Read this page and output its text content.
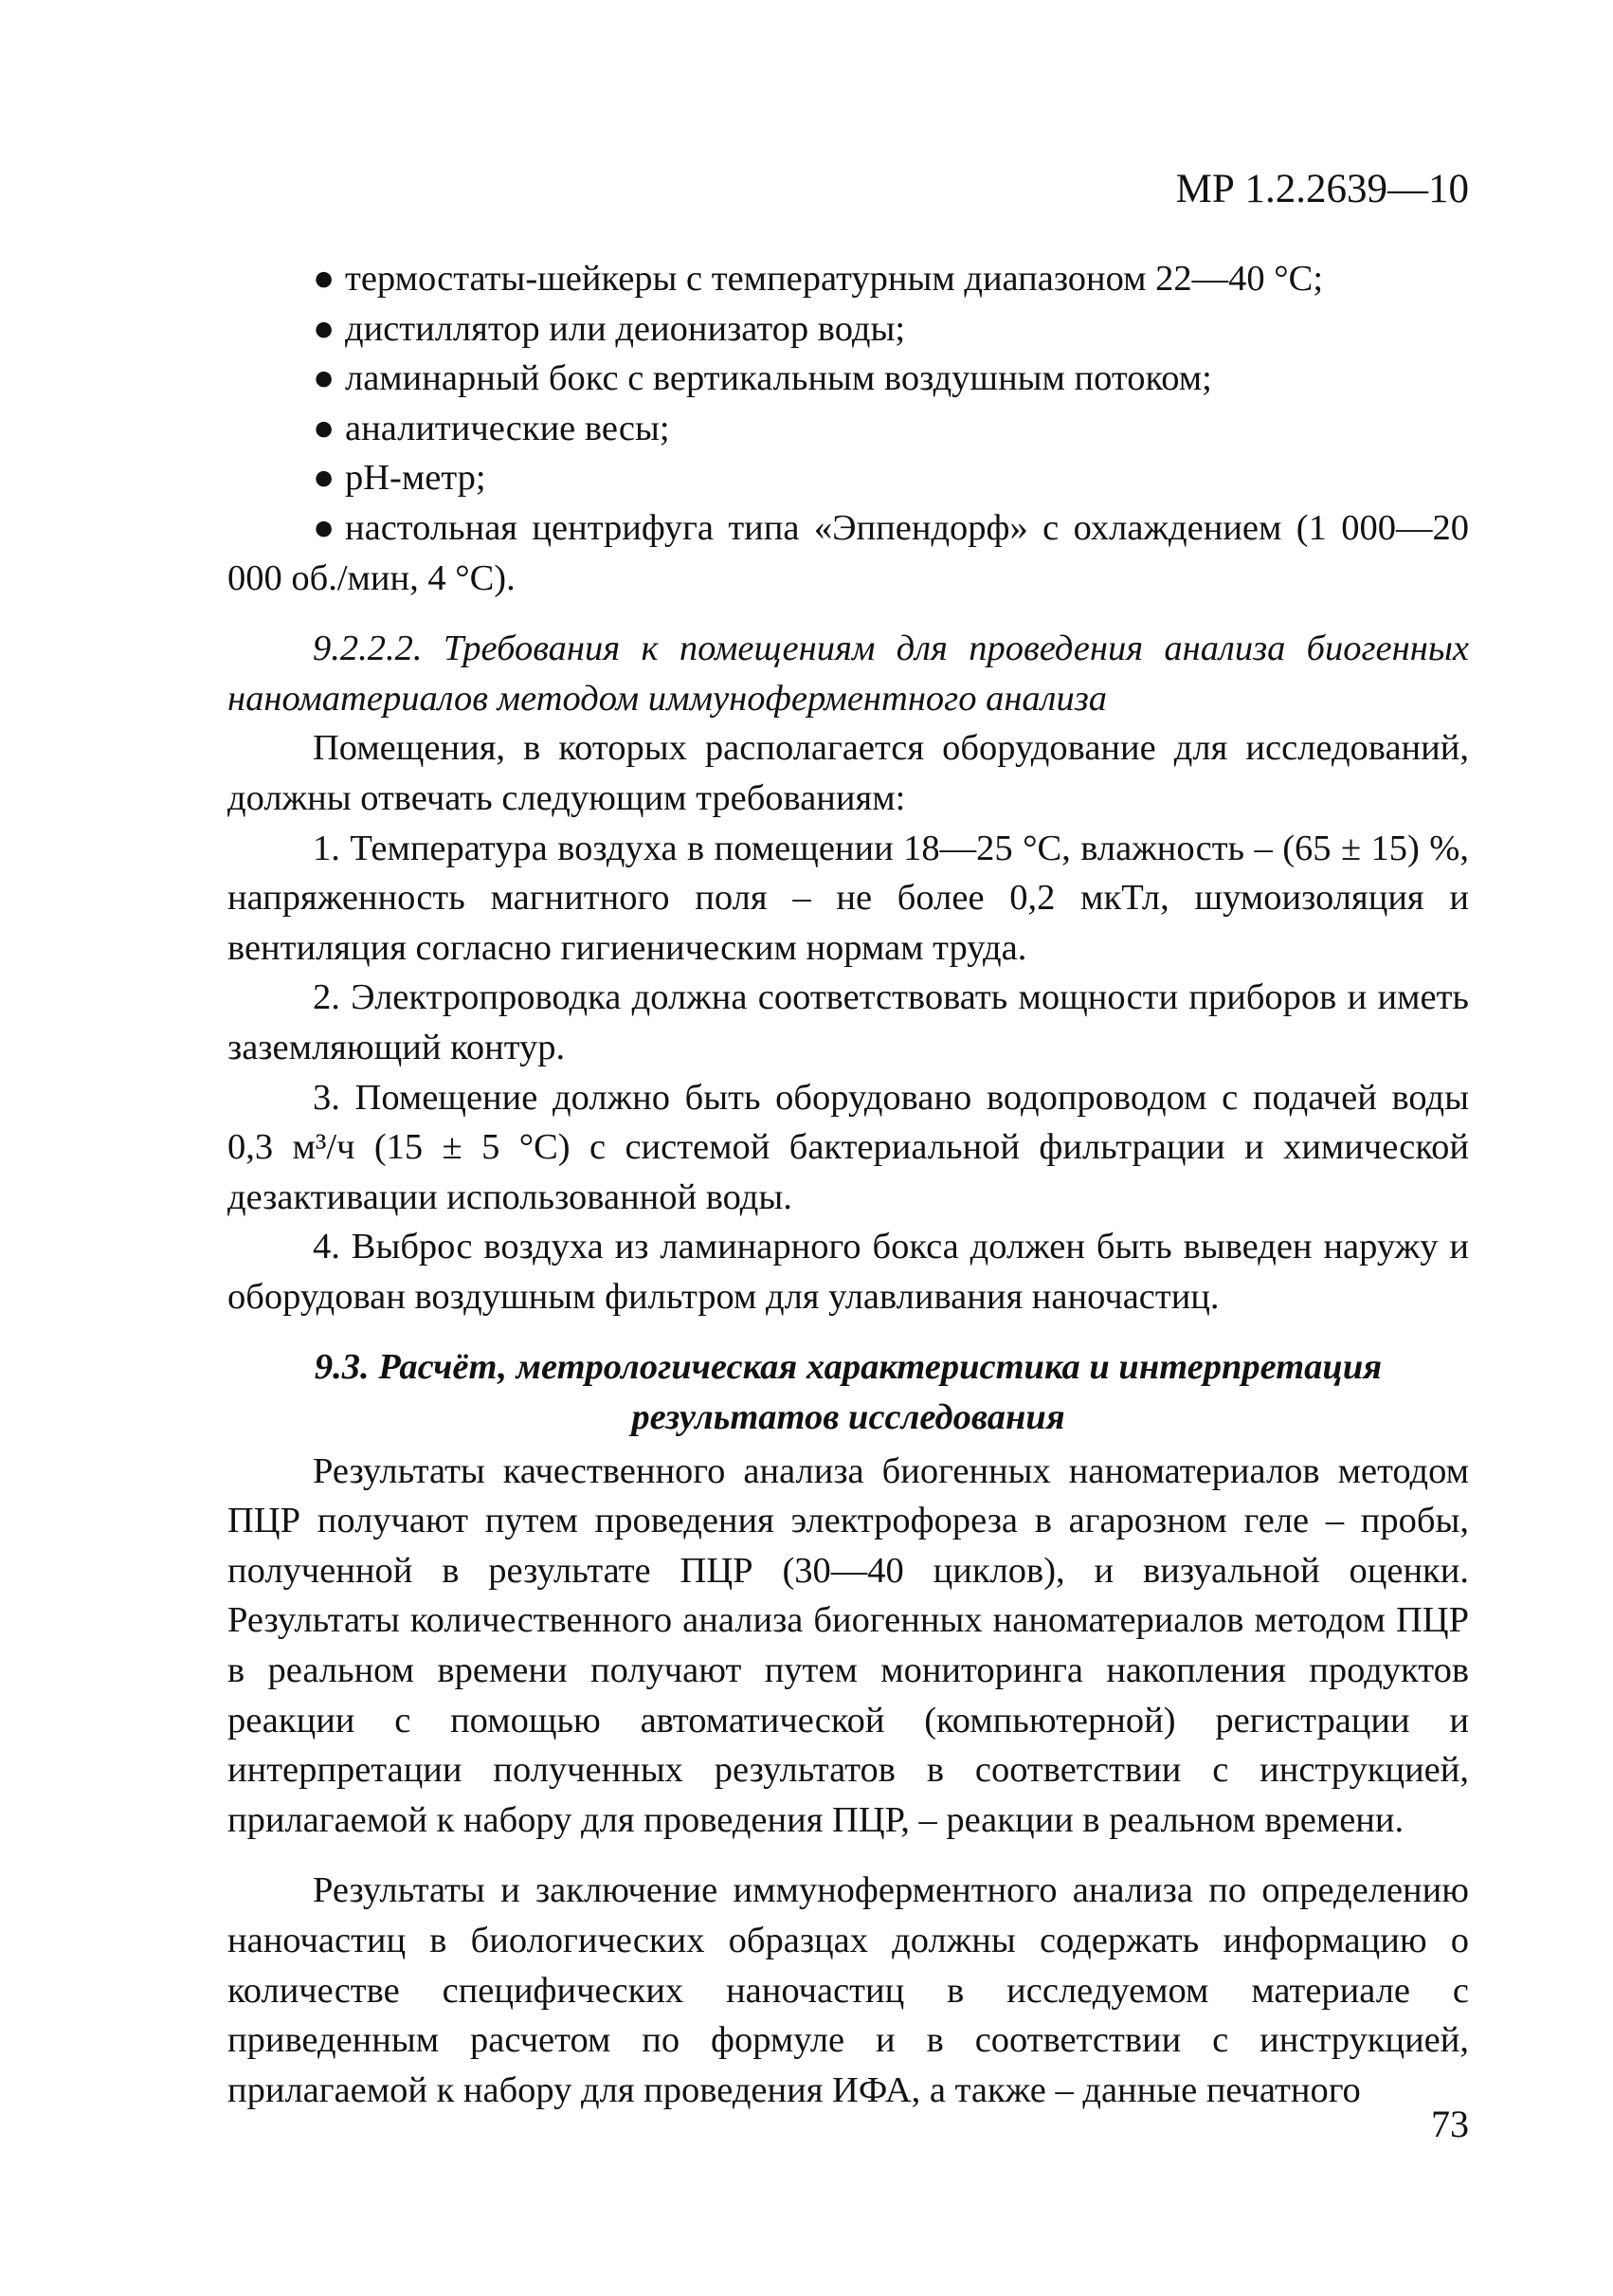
МР 1.2.2639—10

● термостаты-шейкеры с температурным диапазоном 22—40 °С;

● дистиллятор или деионизатор воды;

● ламинарный бокс с вертикальным воздушным потоком;

● аналитические весы;

● рН-метр;

● настольная центрифуга типа «Эппендорф» с охлаждением (1 000—20 000 об./мин, 4 °С).

9.2.2.2. Требования к помещениям для проведения анализа биогенных наноматериалов методом иммуноферментного анализа

Помещения, в которых располагается оборудование для исследований, должны отвечать следующим требованиям:

1. Температура воздуха в помещении 18—25 °С, влажность – (65 ± 15) %, напряженность магнитного поля – не более 0,2 мкТл, шумоизоляция и вентиляция согласно гигиеническим нормам труда.

2. Электропроводка должна соответствовать мощности приборов и иметь заземляющий контур.

3. Помещение должно быть оборудовано водопроводом с подачей воды 0,3 м³/ч (15 ± 5 °С) с системой бактериальной фильтрации и химической дезактивации использованной воды.

4. Выброс воздуха из ламинарного бокса должен быть выведен наружу и оборудован воздушным фильтром для улавливания наночастиц.

9.3. Расчёт, метрологическая характеристика и интерпретация результатов исследования

Результаты качественного анализа биогенных наноматериалов методом ПЦР получают путем проведения электрофореза в агарозном геле – пробы, полученной в результате ПЦР (30—40 циклов), и визуальной оценки. Результаты количественного анализа биогенных наноматериалов методом ПЦР в реальном времени получают путем мониторинга накопления продуктов реакции с помощью автоматической (компьютерной) регистрации и интерпретации полученных результатов в соответствии с инструкцией, прилагаемой к набору для проведения ПЦР, – реакции в реальном времени.

Результаты и заключение иммуноферментного анализа по определению наночастиц в биологических образцах должны содержать информацию о количестве специфических наночастиц в исследуемом материале с приведенным расчетом по формуле и в соответствии с инструкцией, прилагаемой к набору для проведения ИФА, а также – данные печатного

73
